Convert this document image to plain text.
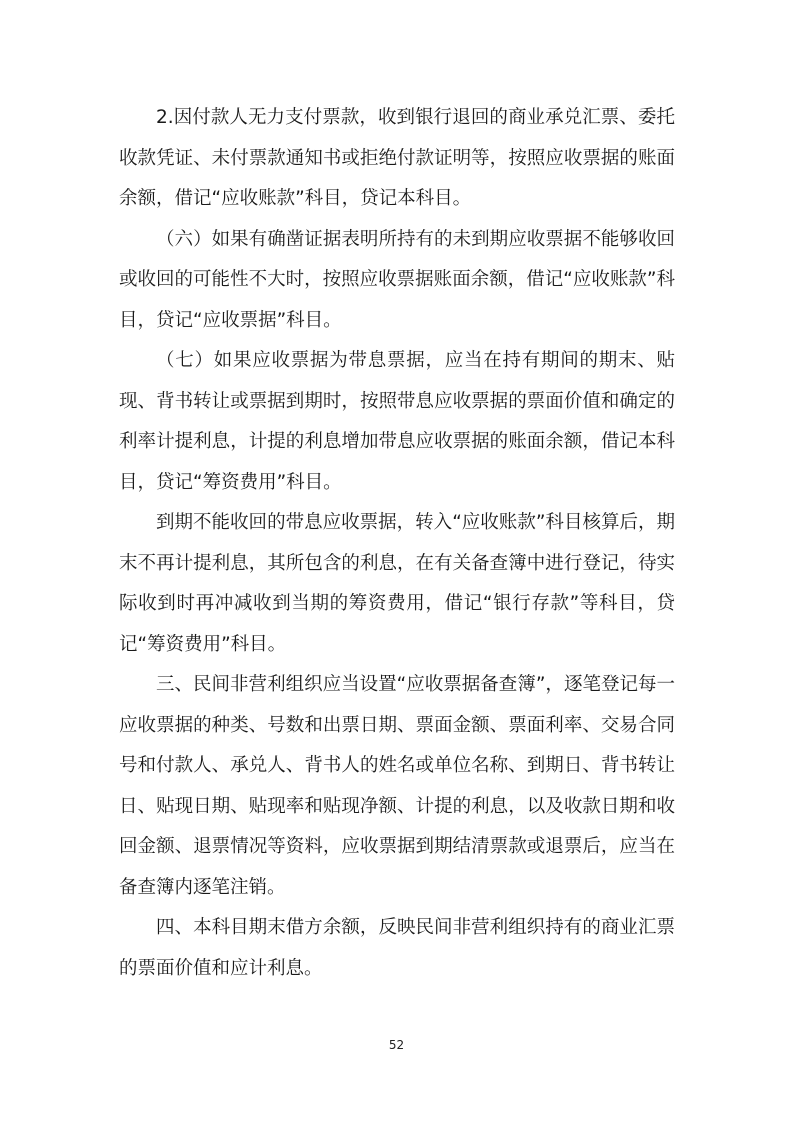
2.因付款人无力支付票款，收到银行退回的商业承兑汇票、委托收款凭证、未付票款通知书或拒绝付款证明等，按照应收票据的账面余额，借记“应收账款”科目，贷记本科目。

（六）如果有确凿证据表明所持有的未到期应收票据不能够收回或收回的可能性不大时，按照应收票据账面余额，借记“应收账款”科目，贷记“应收票据”科目。

（七）如果应收票据为带息票据，应当在持有期间的期末、贴现、背书转让或票据到期时，按照带息应收票据的票面价值和确定的利率计提利息，计提的利息增加带息应收票据的账面余额，借记本科目，贷记“筹资费用”科目。

到期不能收回的带息应收票据，转入“应收账款”科目核算后，期末不再计提利息，其所包含的利息，在有关备查簿中进行登记，待实际收到时再冲减收到当期的筹资费用，借记“银行存款”等科目，贷记“筹资费用”科目。

三、民间非营利组织应当设置“应收票据备查簿”，逐笔登记每一应收票据的种类、号数和出票日期、票面金额、票面利率、交易合同号和付款人、承兑人、背书人的姓名或单位名称、到期日、背书转让日、贴现日期、贴现率和贴现净额、计提的利息，以及收款日期和收回金额、退票情况等资料，应收票据到期结清票款或退票后，应当在备查簿内逐笔注销。

四、本科目期末借方余额，反映民间非营利组织持有的商业汇票的票面价值和应计利息。

52
